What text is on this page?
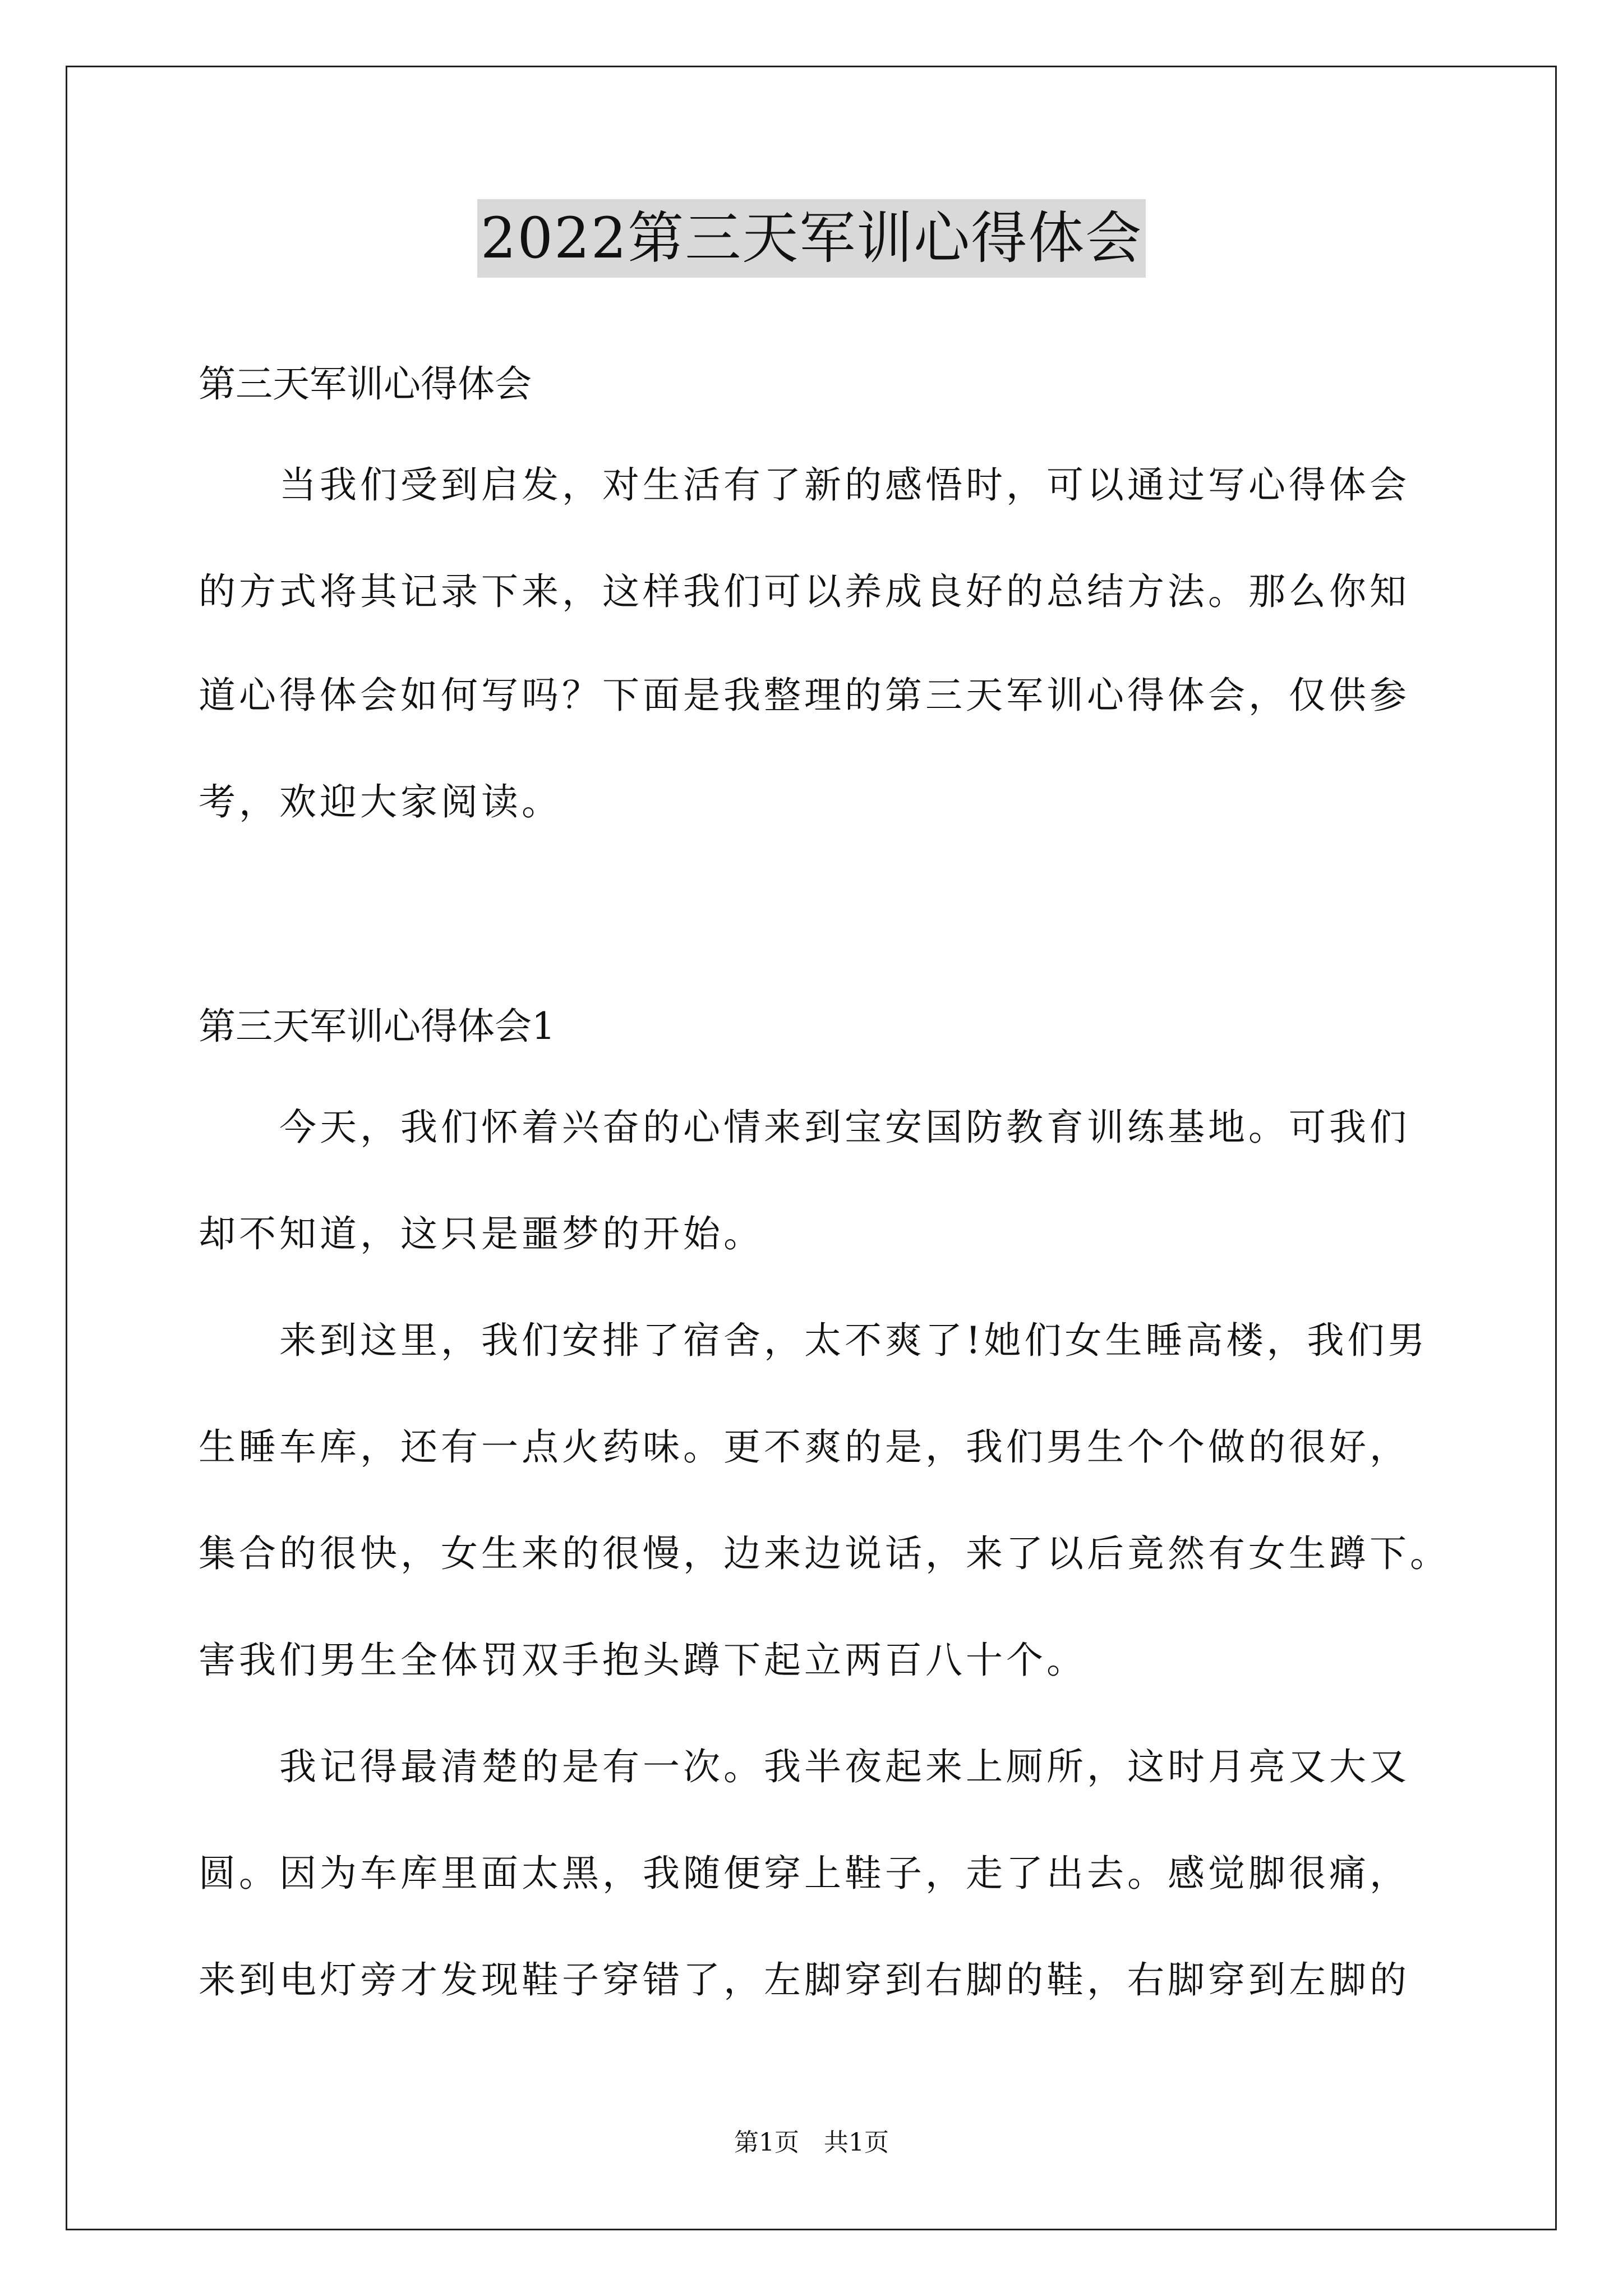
2022第三天军训心得体会
第三天军训心得体会
　　当我们受到启发，对生活有了新的感悟时，可以通过写心得体会
的方式将其记录下来，这样我们可以养成良好的总结方法。那么你知
道心得体会如何写吗？下面是我整理的第三天军训心得体会，仅供参
考，欢迎大家阅读。
第三天军训心得体会1
　　今天，我们怀着兴奋的心情来到宝安国防教育训练基地。可我们
却不知道，这只是噩梦的开始。
　　来到这里，我们安排了宿舍，太不爽了!她们女生睡高楼，我们男
生睡车库，还有一点火药味。更不爽的是，我们男生个个做的很好，
集合的很快，女生来的很慢，边来边说话，来了以后竟然有女生蹲下。
害我们男生全体罚双手抱头蹲下起立两百八十个。
　　我记得最清楚的是有一次。我半夜起来上厕所，这时月亮又大又
圆。因为车库里面太黑，我随便穿上鞋子，走了出去。感觉脚很痛，
来到电灯旁才发现鞋子穿错了，左脚穿到右脚的鞋，右脚穿到左脚的
第1页　共1页
